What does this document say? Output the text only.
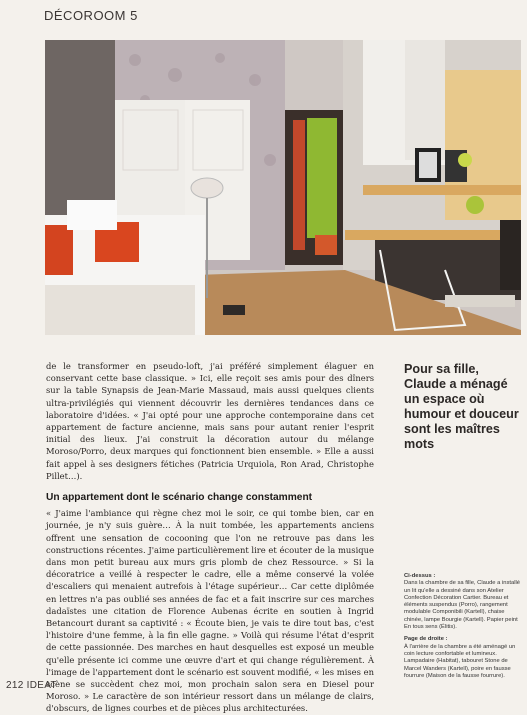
DÉCOROOM 5

de le transformer en pseudo-loft, j'ai préféré simplement élaguer en conservant cette base classique. » Ici, elle reçoit ses amis pour des dîners sur la table Synapsis de Jean-Marie Massaud, mais aussi quelques clients ultra-privilégiés qui viennent découvrir les dernières tendances dans ce laboratoire d'idées. « J'ai opté pour une approche contemporaine dans cet appartement de facture ancienne, mais sans pour autant renier l'esprit initial des lieux. J'ai construit la décoration autour du mélange Moroso/Porro, deux marques qui fonctionnent bien ensemble. » Elle a aussi fait appel à ses designers fétiches (Patricia Urquiola, Ron Arad, Christophe Pillet…).

Un appartement dont le scénario change constamment

« J'aime l'ambiance qui règne chez moi le soir, ce qui tombe bien, car en journée, je n'y suis guère… À la nuit tombée, les appartements anciens offrent une sensation de cocooning que l'on ne retrouve pas dans les constructions récentes. J'aime particulièrement lire et écouter de la musique dans mon petit bureau aux murs gris plomb de chez Ressource. » Si la décoratrice a veillé à respecter le cadre, elle a même conservé la volée d'escaliers qui menaient autrefois à l'étage supérieur… Car cette diplômée en lettres n'a pas oublié ses années de fac et a fait inscrire sur ces marches dadaïstes une citation de Florence Aubenas écrite en soutien à Ingrid Betancourt durant sa captivité : « Écoute bien, je vais te dire tout bas, c'est l'histoire d'une femme, à la fin elle gagne. » Voilà qui résume l'état d'esprit de cette passionnée. Des marches en haut desquelles est exposé un meuble qu'elle présente ici comme une œuvre d'art et qui change régulièrement. À l'image de l'appartement dont le scénario est souvent modifié, « les mises en scène se succèdent chez moi, mon prochain salon sera en Diesel pour Moroso. » Le caractère de son intérieur ressort dans un mélange de clairs, d'obscurs, de lignes courbes et de pièces plus architecturées.

Pour sa fille, Claude a ménagé un espace où humour et douceur sont les maîtres mots
Ci-dessus :
Dans la chambre de sa fille, Claude a installé un lit qu'elle a dessiné dans son Atelier Confection Décoration Cartier. Bureau et éléments suspendus (Porro), rangement modulable Componibili (Kartell), chaise chinée, lampe Bourgie (Kartell). Papier peint En tous sens (Élitis).
Page de droite :
À l'arrière de la chambre a été aménagé un coin lecture confortable et lumineux. Lampadaire (Habitat), tabouret Stone de Marcel Wanders (Kartell), poire en fausse fourrure (Maison de la fausse fourrure).
212 IDEAT
